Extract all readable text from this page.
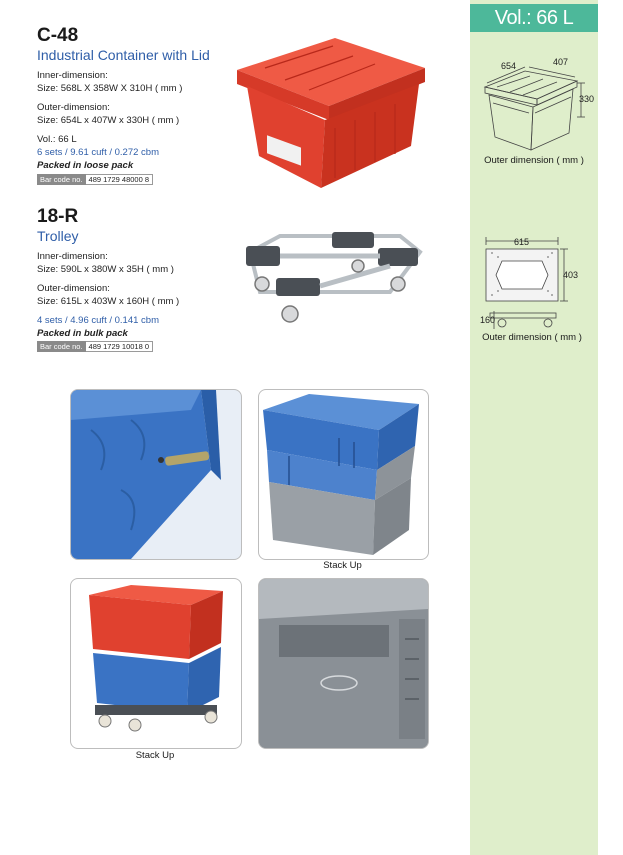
Vol.: 66 L
654	407
330
Outer dimension ( mm )
615
403
160
Outer dimension ( mm )
C-48
Industrial Container with Lid
Inner-dimension:
Size: 568L X 358W X 310H ( mm )
Outer-dimension:
Size: 654L x 407W x 330H ( mm )
Vol.: 66 L
6 sets / 9.61 cuft / 0.272 cbm
Packed in loose pack
Bar code no. 489 1729 48000 8
18-R
Trolley
Inner-dimension:
Size: 590L x 380W x 35H ( mm )
Outer-dimension:
Size: 615L x 403W x 160H ( mm )
4 sets / 4.96 cuft / 0.141 cbm
Packed in bulk pack
Bar code no. 489 1729 10018 0
Stack Up
Stack Up
